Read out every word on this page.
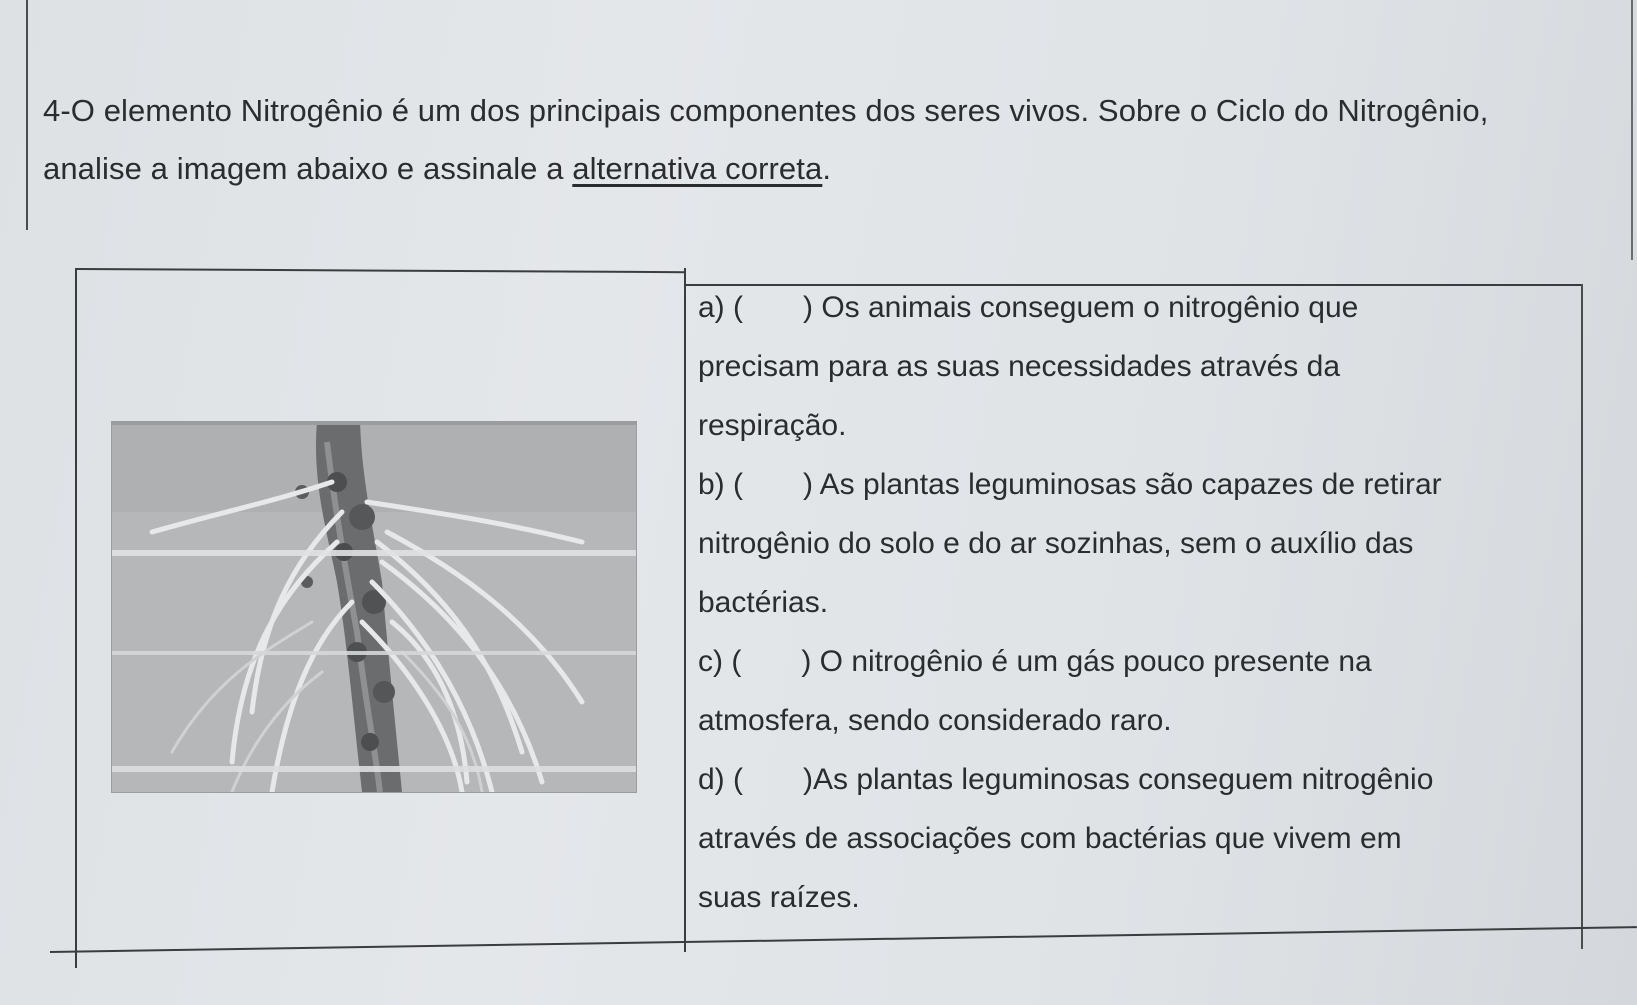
4-O elemento Nitrogênio é um dos principais componentes dos seres vivos. Sobre o Ciclo do Nitrogênio, analise a imagem abaixo e assinale a alternativa correta.
a) ( ) Os animais conseguem o nitrogênio que
precisam para as suas necessidades através da
respiração.
b) ( ) As plantas leguminosas são capazes de retirar
nitrogênio do solo e do ar sozinhas, sem o auxílio das
bactérias.
c) ( ) O nitrogênio é um gás pouco presente na
atmosfera, sendo considerado raro.
d) ( )As plantas leguminosas conseguem nitrogênio
através de associações com bactérias que vivem em
suas raízes.
